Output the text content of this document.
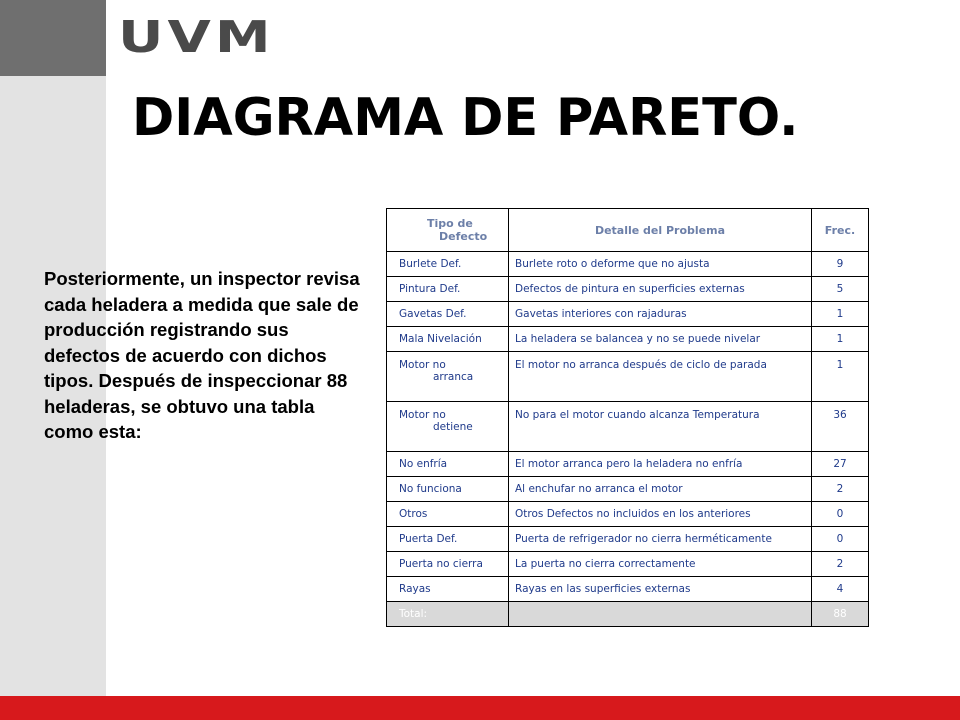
UVM
DIAGRAMA DE PARETO.
Posteriormente, un inspector revisa cada heladera a medida que sale de producción registrando sus defectos de acuerdo con dichos tipos. Después de inspeccionar 88 heladeras, se obtuvo una tabla como esta:
Tipo de
Defecto	Detalle del Problema	Frec.
Burlete Def.	Burlete roto o deforme que no ajusta	9
Pintura Def.	Defectos de pintura en superficies externas	5
Gavetas Def.	Gavetas interiores con rajaduras	1
Mala Nivelación	La heladera se balancea y no se puede nivelar	1

Motor no
arranca	El motor no arranca después de ciclo de parada	1

Motor no
detiene	No para el motor cuando alcanza Temperatura	36
No enfría	El motor arranca pero la heladera no enfría	27
No funciona	Al enchufar no arranca el motor	2
Otros	Otros Defectos no incluidos en los anteriores	0
Puerta Def.	Puerta de refrigerador no cierra herméticamente	0
Puerta no cierra	La puerta no cierra correctamente	2
Rayas	Rayas en las superficies externas	4
Total:		88
